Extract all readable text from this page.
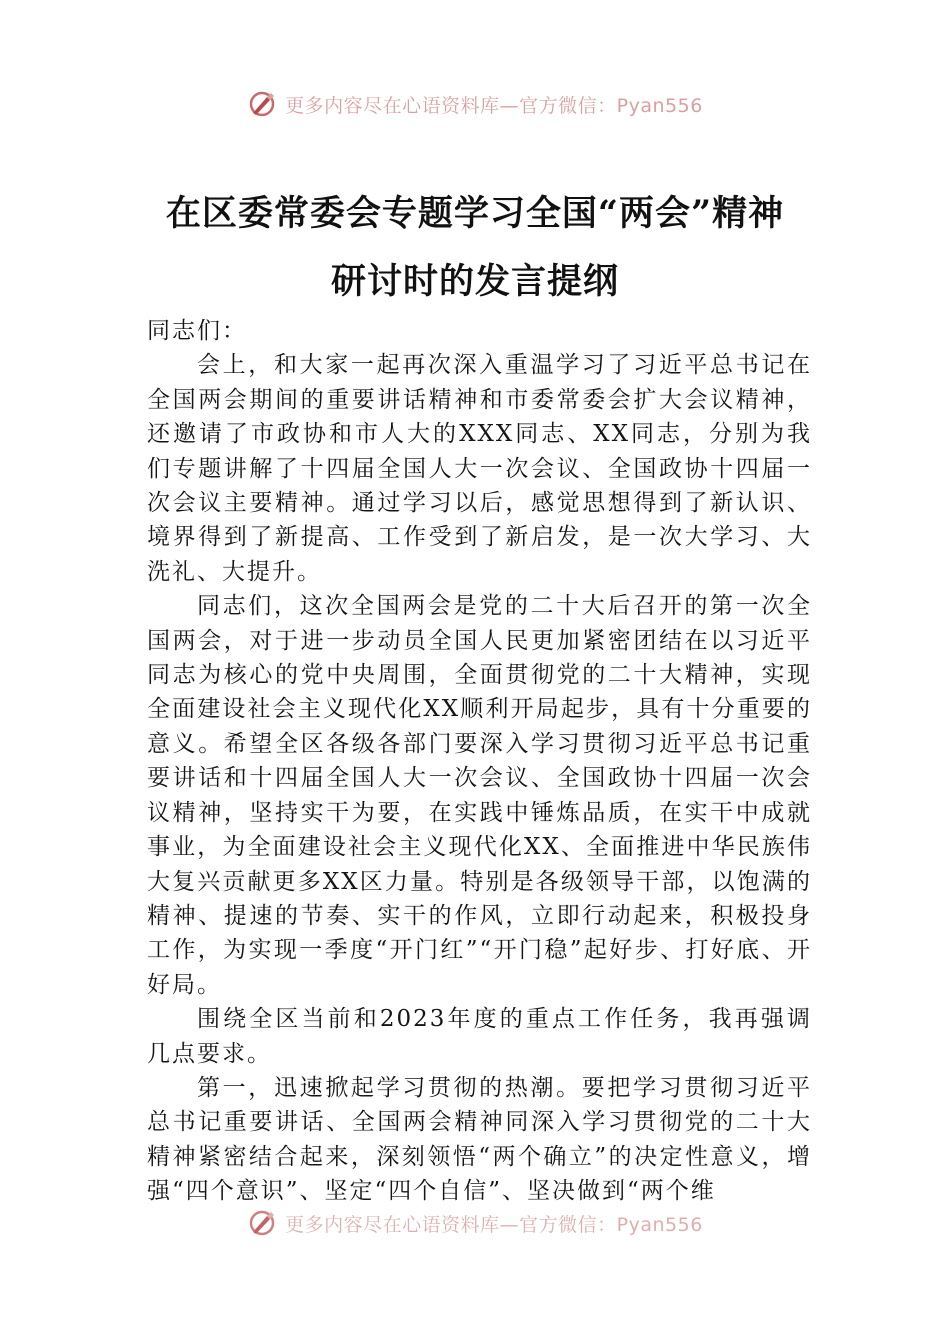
更多内容尽在心语资料库—官方微信：Pyan556
在区委常委会专题学习全国“两会”精神
研讨时的发言提纲

同志们：

会上，和大家一起再次深入重温学习了习近平总书记在全国两会期间的重要讲话精神和市委常委会扩大会议精神，还邀请了市政协和市人大的XXX同志、XX同志，分别为我们专题讲解了十四届全国人大一次会议、全国政协十四届一次会议主要精神。通过学习以后，感觉思想得到了新认识、境界得到了新提高、工作受到了新启发，是一次大学习、大洗礼、大提升。

同志们，这次全国两会是党的二十大后召开的第一次全国两会，对于进一步动员全国人民更加紧密团结在以习近平同志为核心的党中央周围，全面贯彻党的二十大精神，实现全面建设社会主义现代化XX顺利开局起步，具有十分重要的意义。希望全区各级各部门要深入学习贯彻习近平总书记重要讲话和十四届全国人大一次会议、全国政协十四届一次会议精神，坚持实干为要，在实践中锤炼品质，在实干中成就事业，为全面建设社会主义现代化XX、全面推进中华民族伟大复兴贡献更多XX区力量。特别是各级领导干部，以饱满的精神、提速的节奏、实干的作风，立即行动起来，积极投身工作，为实现一季度“开门红”“开门稳”起好步、打好底、开好局。

围绕全区当前和2023年度的重点工作任务，我再强调几点要求。

第一，迅速掀起学习贯彻的热潮。要把学习贯彻习近平总书记重要讲话、全国两会精神同深入学习贯彻党的二十大精神紧密结合起来，深刻领悟“两个确立”的决定性意义，增强“四个意识”、坚定“四个自信”、坚决做到“两个维

更多内容尽在心语资料库—官方微信：Pyan556
